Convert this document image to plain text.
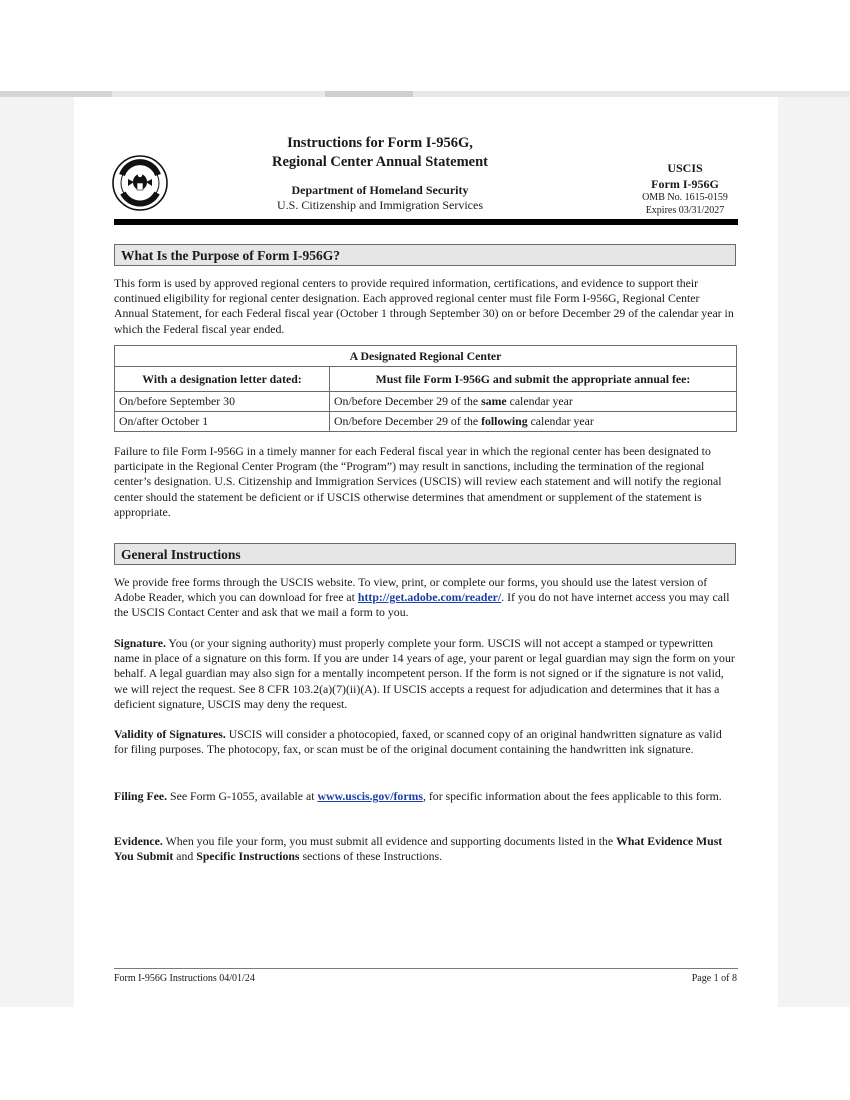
Instructions for Form I-956G,
Regional Center Annual Statement
Department of Homeland Security
U.S. Citizenship and Immigration Services
USCIS
Form I-956G
OMB No. 1615-0159
Expires 03/31/2027
What Is the Purpose of Form I-956G?
This form is used by approved regional centers to provide required information, certifications, and evidence to support their continued eligibility for regional center designation. Each approved regional center must file Form I-956G, Regional Center Annual Statement, for each Federal fiscal year (October 1 through September 30) on or before December 29 of the calendar year in which the Federal fiscal year ended.
A Designated Regional Center	
With a designation letter dated:	Must file Form I-956G and submit the appropriate annual fee:
On/before September 30	On/before December 29 of the same calendar year
On/after October 1	On/before December 29 of the following calendar year
Failure to file Form I-956G in a timely manner for each Federal fiscal year in which the regional center has been designated to participate in the Regional Center Program (the “Program”) may result in sanctions, including the termination of the regional center’s designation. U.S. Citizenship and Immigration Services (USCIS) will review each statement and will notify the regional center should the statement be deficient or if USCIS otherwise determines that amendment or supplement of the statement is appropriate.
General Instructions
We provide free forms through the USCIS website. To view, print, or complete our forms, you should use the latest version of Adobe Reader, which you can download for free at http://get.adobe.com/reader/. If you do not have internet access you may call the USCIS Contact Center and ask that we mail a form to you.
Signature. You (or your signing authority) must properly complete your form. USCIS will not accept a stamped or typewritten name in place of a signature on this form. If you are under 14 years of age, your parent or legal guardian may sign the form on your behalf. A legal guardian may also sign for a mentally incompetent person. If the form is not signed or if the signature is not valid, we will reject the request. See 8 CFR 103.2(a)(7)(ii)(A). If USCIS accepts a request for adjudication and determines that it has a deficient signature, USCIS may deny the request.
Validity of Signatures. USCIS will consider a photocopied, faxed, or scanned copy of an original handwritten signature as valid for filing purposes. The photocopy, fax, or scan must be of the original document containing the handwritten ink signature.
Filing Fee. See Form G-1055, available at www.uscis.gov/forms, for specific information about the fees applicable to this form.
Evidence. When you file your form, you must submit all evidence and supporting documents listed in the What Evidence Must You Submit and Specific Instructions sections of these Instructions.
Form I-956G Instructions 04/01/24	Page 1 of 8
